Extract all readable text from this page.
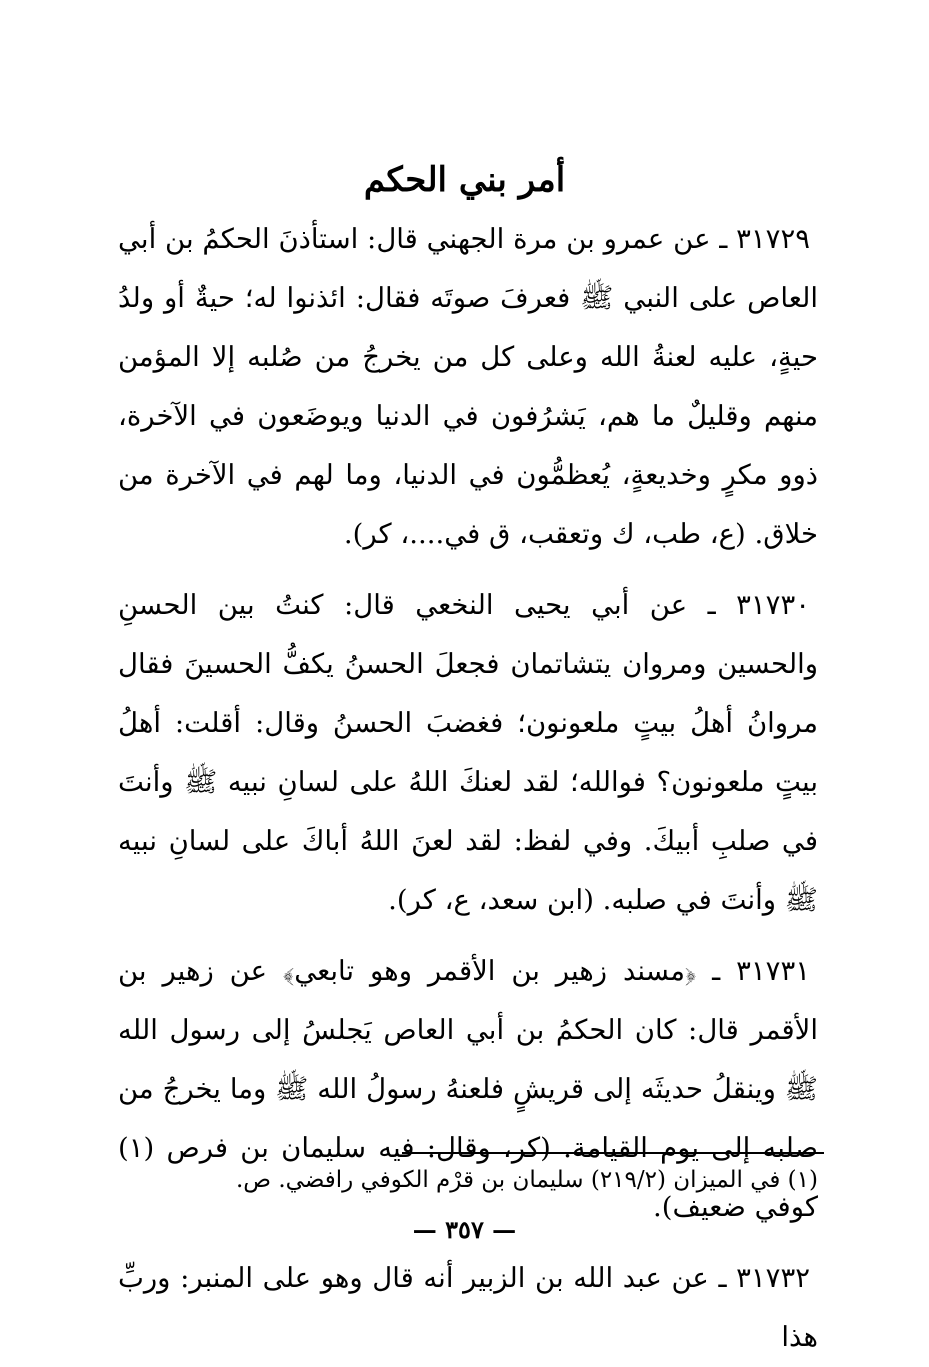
أمر بني الحكم

٣١٧٢٩ ـ عن عمرو بن مرة الجهني قال: استأذنَ الحكمُ بن أبي العاص على النبي ﷺ فعرفَ صوتَه فقال: ائذنوا له؛ حيةٌ أو ولدُ حيةٍ، عليه لعنةُ الله وعلى كل من يخرجُ من صُلبه إلا المؤمن منهم وقليلٌ ما هم، يَشرُفون في الدنيا ويوضَعون في الآخرة، ذوو مكرٍ وخديعةٍ، يُعظمُّون في الدنيا، وما لهم في الآخرة من خلاق. (ع، طب، ك وتعقب، ق في....، كر).

٣١٧٣٠ ـ عن أبي يحيى النخعي قال: كنتُ بين الحسنِ والحسين ومروان يتشاتمان فجعلَ الحسنُ يكفُّ الحسينَ فقال مروانُ أهلُ بيتٍ ملعونون؛ فغضبَ الحسنُ وقال: أقلت: أهلُ بيتٍ ملعونون؟ فوالله؛ لقد لعنكَ اللهُ على لسانِ نبيه ﷺ وأنتَ في صلبِ أبيكَ. وفي لفظ: لقد لعنَ اللهُ أباكَ على لسانِ نبيه ﷺ وأنتَ في صلبه. (ابن سعد، ع، كر).

٣١٧٣١ ـ ﴿مسند زهير بن الأقمر وهو تابعي﴾ عن زهير بن الأقمر قال: كان الحكمُ بن أبي العاص يَجلسُ إلى رسول الله ﷺ وينقلُ حديثَه إلى قريشٍ فلعنهُ رسولُ الله ﷺ وما يخرجُ من صلبه إلى يوم القيامة. (كر، وقال: فيه سليمان بن فرص (١) كوفي ضعيف).

٣١٧٣٢ ـ عن عبد الله بن الزبير أنه قال وهو على المنبر: وربِّ هذا

(١) في الميزان (٢١٩/٢) سليمان بن قرْم الكوفي رافضي. ص.
— ٣٥٧ —
